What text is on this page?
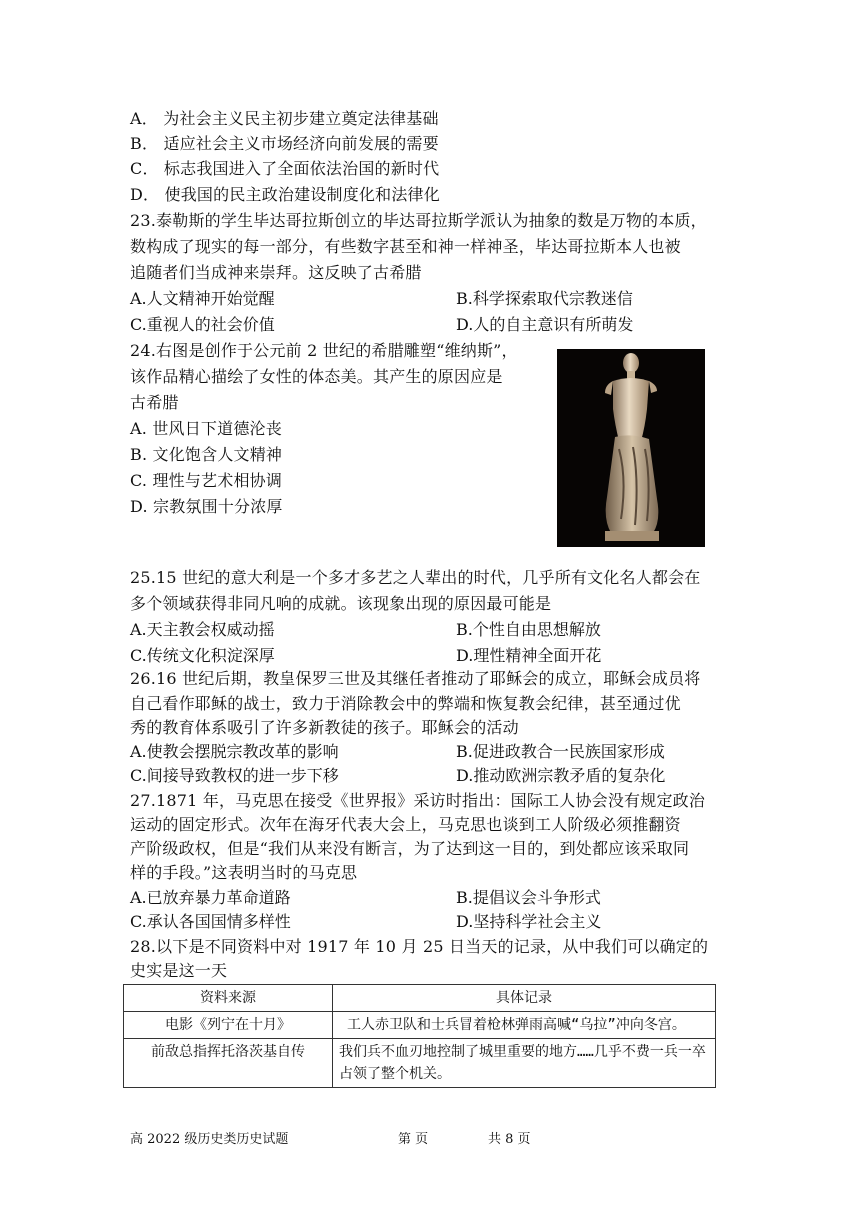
A． 为社会主义民主初步建立奠定法律基础
B． 适应社会主义市场经济向前发展的需要
C． 标志我国进入了全面依法治国的新时代
D． 使我国的民主政治建设制度化和法律化
23.泰勒斯的学生毕达哥拉斯创立的毕达哥拉斯学派认为抽象的数是万物的本质，
数构成了现实的每一部分，有些数字甚至和神一样神圣，毕达哥拉斯本人也被
追随者们当成神来崇拜。这反映了古希腊
A.人文精神开始觉醒	B.科学探索取代宗教迷信
C.重视人的社会价值	D.人的自主意识有所萌发
24.右图是创作于公元前 2 世纪的希腊雕塑“维纳斯”，
该作品精心描绘了女性的体态美。其产生的原因应是
古希腊
A. 世风日下道德沦丧
B. 文化饱含人文精神
C. 理性与艺术相协调
D. 宗教氛围十分浓厚
25.15 世纪的意大利是一个多才多艺之人辈出的时代，几乎所有文化名人都会在
多个领域获得非同凡响的成就。该现象出现的原因最可能是
A.天主教会权威动摇	B.个性自由思想解放
C.传统文化积淀深厚	D.理性精神全面开花
26.16 世纪后期，教皇保罗三世及其继任者推动了耶稣会的成立，耶稣会成员将
自己看作耶稣的战士，致力于消除教会中的弊端和恢复教会纪律，甚至通过优
秀的教育体系吸引了许多新教徒的孩子。耶稣会的活动
A.使教会摆脱宗教改革的影响	B.促进政教合一民族国家形成
C.间接导致教权的进一步下移	D.推动欧洲宗教矛盾的复杂化
27.1871 年，马克思在接受《世界报》采访时指出：国际工人协会没有规定政治
运动的固定形式。次年在海牙代表大会上，马克思也谈到工人阶级必须推翻资
产阶级政权，但是“我们从来没有断言，为了达到这一目的，到处都应该采取同
样的手段。”这表明当时的马克思
A.已放弃暴力革命道路	B.提倡议会斗争形式
C.承认各国国情多样性	D.坚持科学社会主义
28.以下是不同资料中对 1917 年 10 月 25 日当天的记录，从中我们可以确定的
史实是这一天
资料来源	具体记录
电影《列宁在十月》	工人赤卫队和士兵冒着枪林弹雨高喊“乌拉”冲向冬宫。
前敌总指挥托洛茨基自传	我们兵不血刃地控制了城里重要的地方……几乎不费一兵一卒占领了整个机关。
高 2022 级历史类历史试题	第 页	共 8 页
